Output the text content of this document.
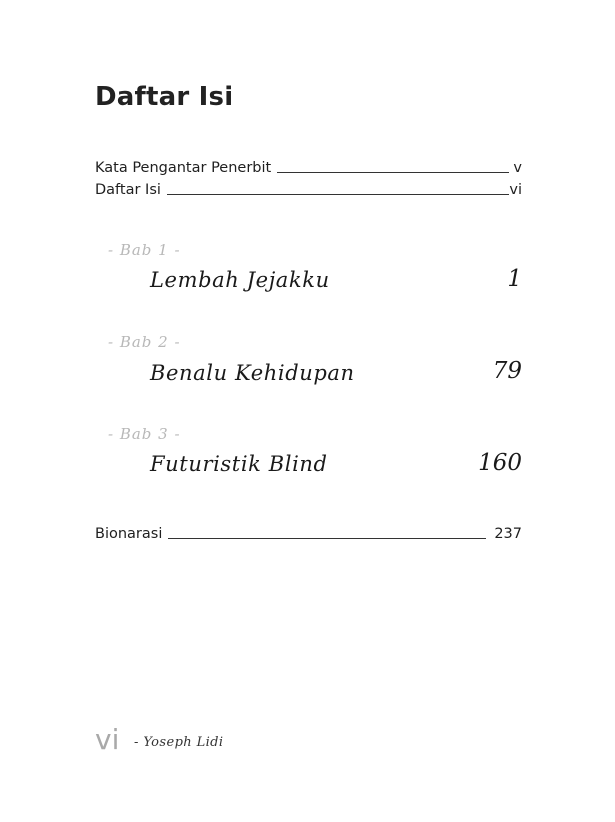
Daftar Isi
Kata Pengantar Penerbit	v
Daftar Isi	vi
- Bab 1 -
Lembah Jejakku	1
- Bab 2 -
Benalu Kehidupan	79
- Bab 3 -
Futuristik Blind	160
Bionarasi	237
vi - Yoseph Lidi
